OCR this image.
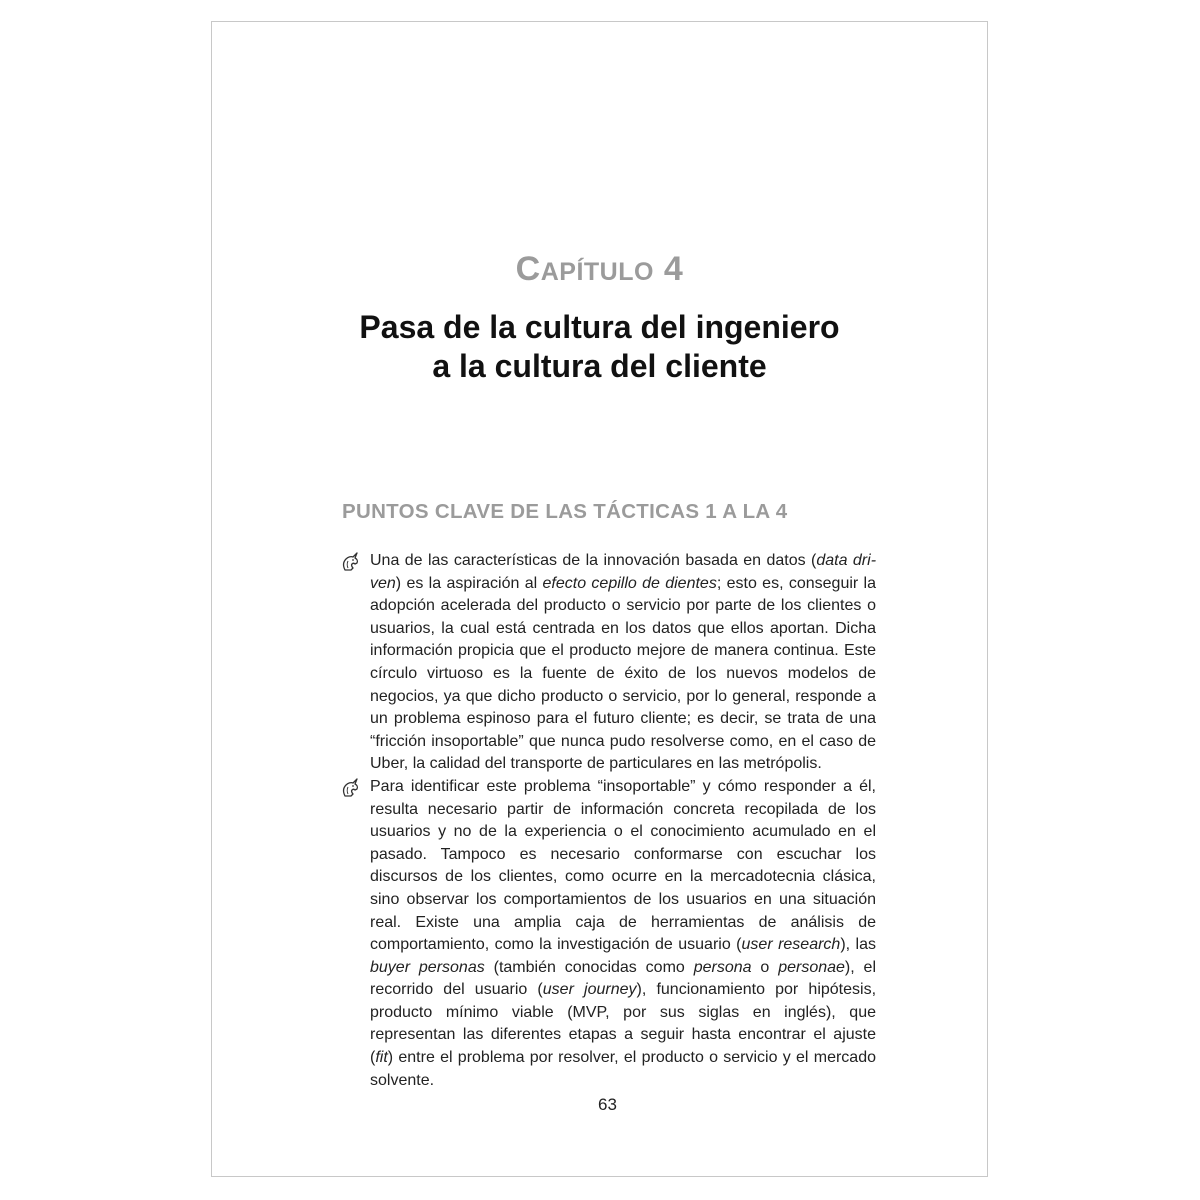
CAPÍTULO 4
Pasa de la cultura del ingeniero
a la cultura del cliente
PUNTOS CLAVE DE LAS TÁCTICAS 1 A LA 4
Una de las características de la innovación basada en datos (data driven) es la aspiración al efecto cepillo de dientes; esto es, conseguir la adopción acelerada del producto o servicio por parte de los clientes o usuarios, la cual está centrada en los datos que ellos aportan. Dicha información propicia que el producto mejore de manera continua. Este círculo virtuoso es la fuente de éxito de los nuevos modelos de negocios, ya que dicho producto o servicio, por lo general, responde a un problema espinoso para el futuro cliente; es decir, se trata de una “fricción insoportable” que nunca pudo resolverse como, en el caso de Uber, la calidad del transporte de particulares en las metrópolis.
Para identificar este problema “insoportable” y cómo responder a él, resulta necesario partir de información concreta recopilada de los usuarios y no de la experiencia o el conocimiento acumulado en el pasado. Tampoco es necesario conformarse con escuchar los discursos de los clientes, como ocurre en la mercadotecnia clásica, sino observar los comportamientos de los usuarios en una situación real. Existe una amplia caja de herramientas de análisis de comportamiento, como la investigación de usuario (user research), las buyer personas (también conocidas como persona o personae), el recorrido del usuario (user journey), funcionamiento por hipótesis, producto mínimo viable (MVP, por sus siglas en inglés), que representan las diferentes etapas a seguir hasta encontrar el ajuste (fit) entre el problema por resolver, el producto o servicio y el mercado solvente.
63
